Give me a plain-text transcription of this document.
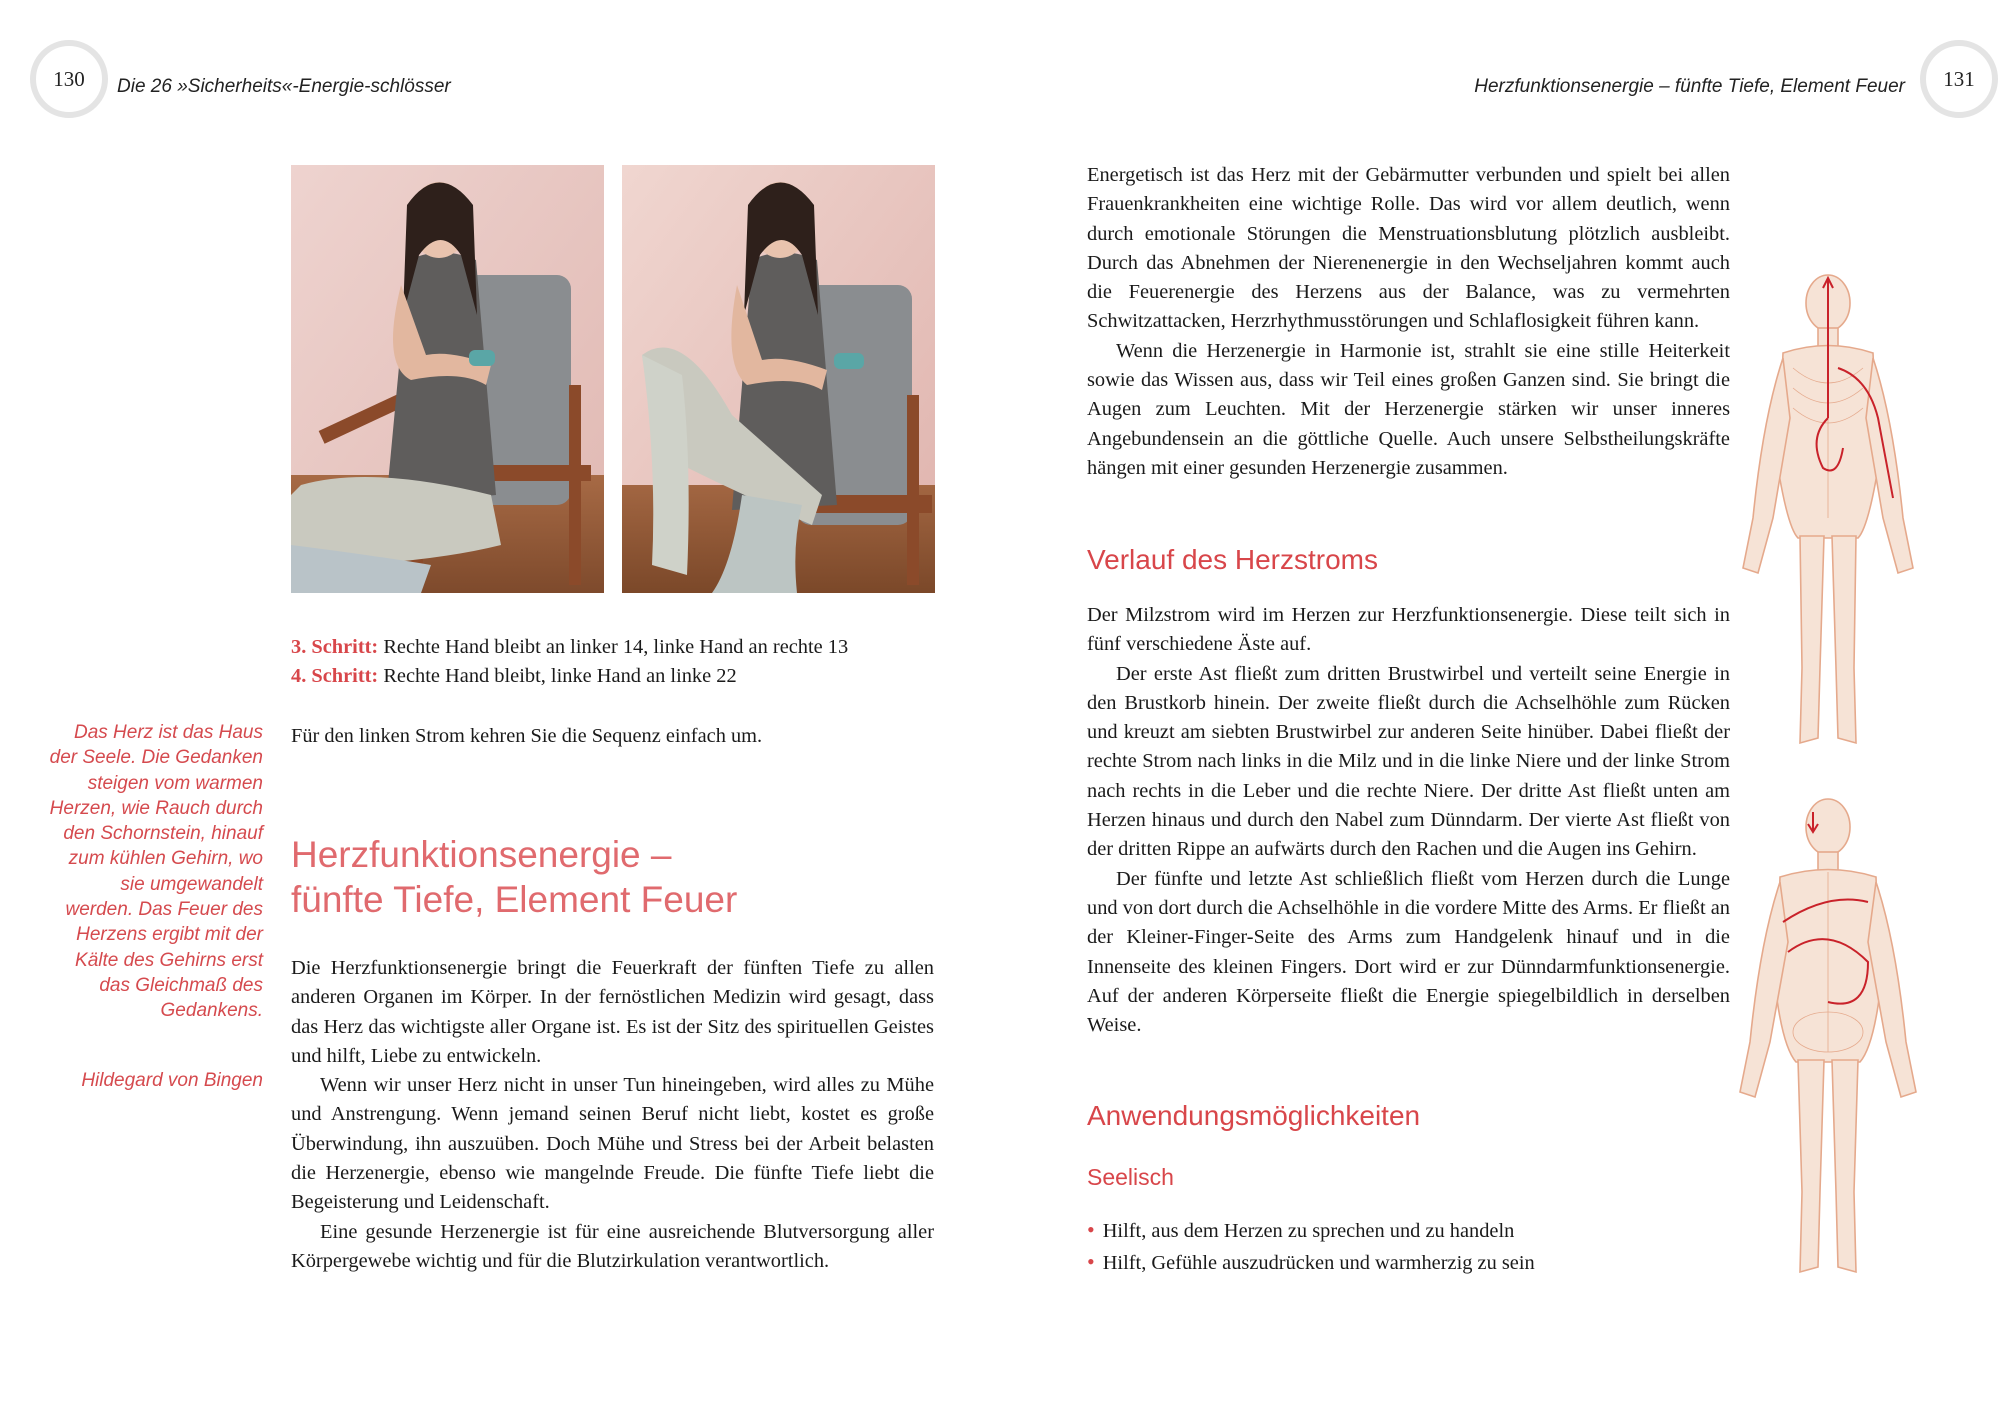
130 Die 26 »Sicherheits«-Energie-schlösser
3. Schritt: Rechte Hand bleibt an linker 14, linke Hand an rechte 13
4. Schritt: Rechte Hand bleibt, linke Hand an linke 22
Für den linken Strom kehren Sie die Sequenz einfach um.
Das Herz ist das Haus der Seele. Die Gedanken steigen vom warmen Herzen, wie Rauch durch den Schornstein, hinauf zum kühlen Gehirn, wo sie umgewandelt werden. Das Feuer des Herzens ergibt mit der Kälte des Gehirns erst das Gleichmaß des Gedankens.
Hildegard von Bingen
Herzfunktionsenergie –
fünfte Tiefe, Element Feuer

Die Herzfunktionsenergie bringt die Feuerkraft der fünften Tiefe zu allen anderen Organen im Körper. In der fernöstlichen Medizin wird gesagt, dass das Herz das wichtigste aller Organe ist. Es ist der Sitz des spirituellen Geistes und hilft, Liebe zu entwickeln.

Wenn wir unser Herz nicht in unser Tun hineingeben, wird alles zu Mühe und Anstrengung. Wenn jemand seinen Beruf nicht liebt, kostet es große Überwindung, ihn auszuüben. Doch Mühe und Stress bei der Arbeit belasten die Herzenergie, ebenso wie mangelnde Freude. Die fünfte Tiefe liebt die Begeisterung und Leidenschaft.

Eine gesunde Herzenergie ist für eine ausreichende Blutversorgung aller Körpergewebe wichtig und für die Blutzirkulation verantwortlich.

Herzfunktionsenergie – fünfte Tiefe, Element Feuer 131

Energetisch ist das Herz mit der Gebärmutter verbunden und spielt bei allen Frauenkrankheiten eine wichtige Rolle. Das wird vor allem deutlich, wenn durch emotionale Störungen die Menstruationsblutung plötzlich ausbleibt. Durch das Abnehmen der Nierenenergie in den Wechseljahren kommt auch die Feuerenergie des Herzens aus der Balance, was zu vermehrten Schwitzattacken, Herzrhythmusstörungen und Schlaflosigkeit führen kann.

Wenn die Herzenergie in Harmonie ist, strahlt sie eine stille Heiterkeit sowie das Wissen aus, dass wir Teil eines großen Ganzen sind. Sie bringt die Augen zum Leuchten. Mit der Herzenergie stärken wir unser inneres Angebundensein an die göttliche Quelle. Auch unsere Selbstheilungskräfte hängen mit einer gesunden Herzenergie zusammen.

Verlauf des Herzstroms

Der Milzstrom wird im Herzen zur Herzfunktionsenergie. Diese teilt sich in fünf verschiedene Äste auf.

Der erste Ast fließt zum dritten Brustwirbel und verteilt seine Energie in den Brustkorb hinein. Der zweite fließt durch die Achselhöhle zum Rücken und kreuzt am siebten Brustwirbel zur anderen Seite hinüber. Dabei fließt der rechte Strom nach links in die Milz und in die linke Niere und der linke Strom nach rechts in die Leber und die rechte Niere. Der dritte Ast fließt unten am Herzen hinaus und durch den Nabel zum Dünndarm. Der vierte Ast fließt von der dritten Rippe an aufwärts durch den Rachen und die Augen ins Gehirn.

Der fünfte und letzte Ast schließlich fließt vom Herzen durch die Lunge und von dort durch die Achselhöhle in die vordere Mitte des Arms. Er fließt an der Kleiner-Finger-Seite des Arms zum Handgelenk hinauf und in die Innenseite des kleinen Fingers. Dort wird er zur Dünndarmfunktionsenergie. Auf der anderen Körperseite fließt die Energie spiegelbildlich in derselben Weise.

Anwendungsmöglichkeiten
Seelisch
• Hilft, aus dem Herzen zu sprechen und zu handeln
• Hilft, Gefühle auszudrücken und warmherzig zu sein
